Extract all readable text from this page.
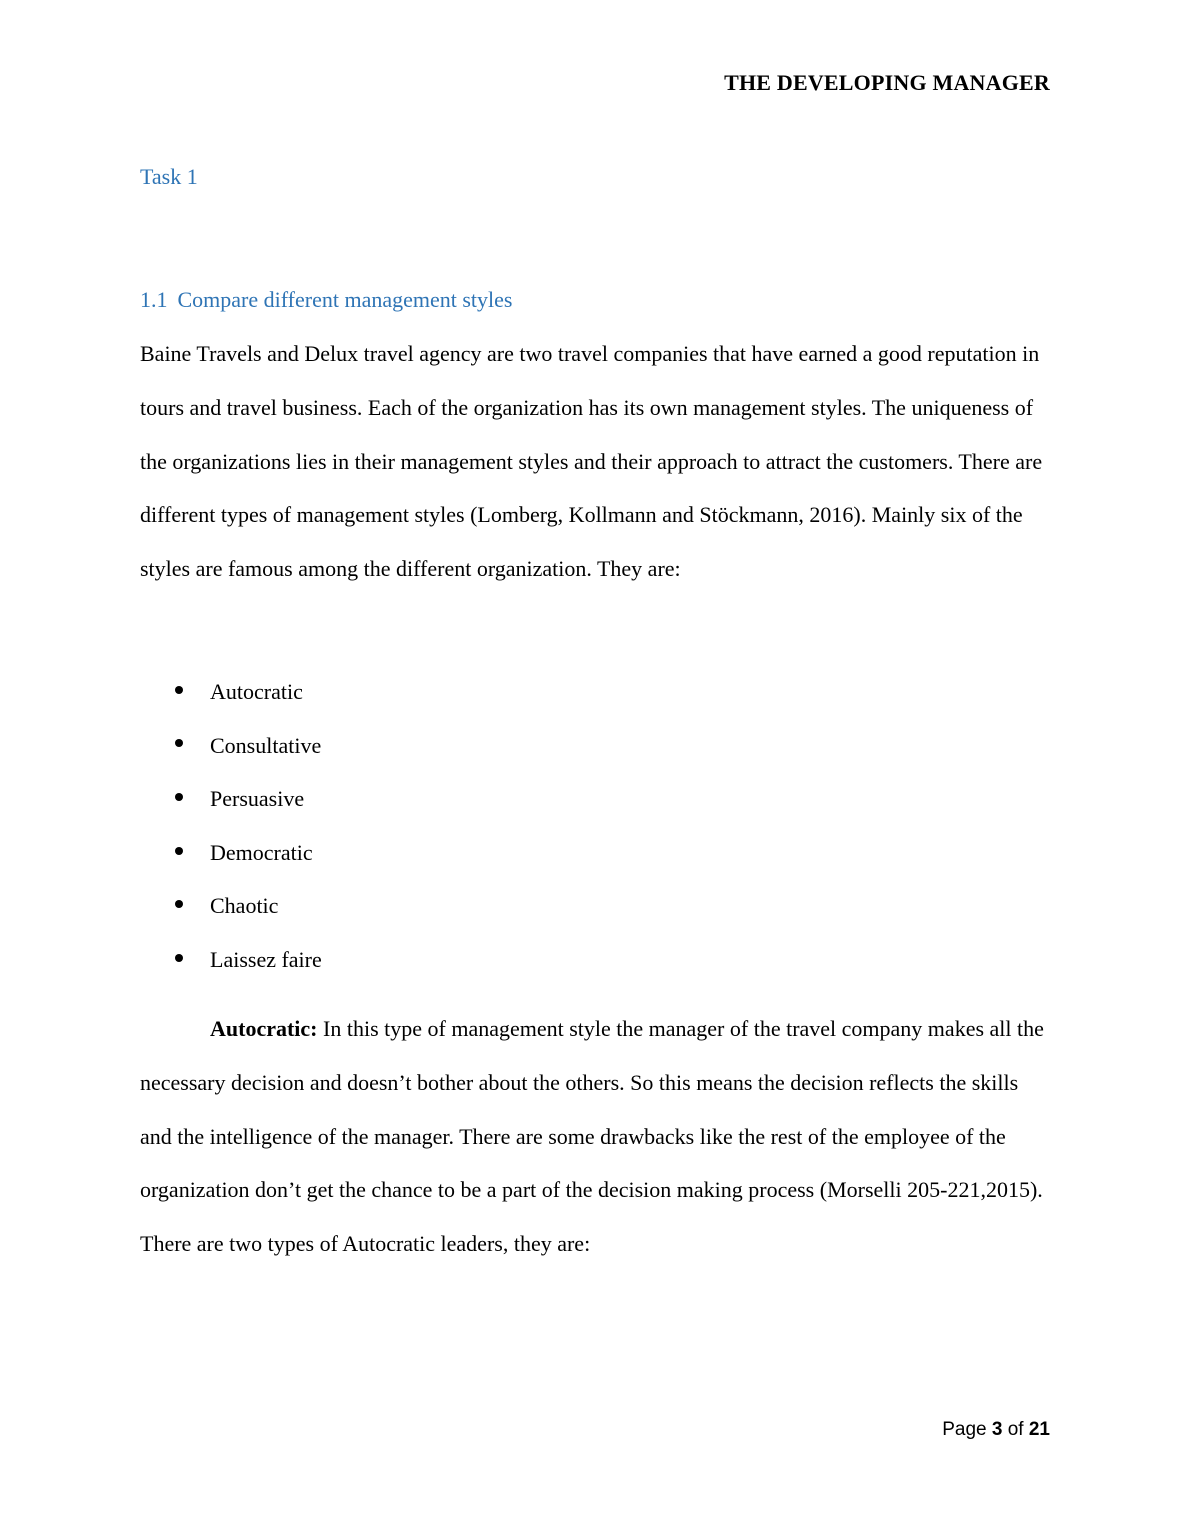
THE DEVELOPING MANAGER
Task 1
1.1 Compare different management styles
Baine Travels and Delux travel agency are two travel companies that have earned a good reputation in tours and travel business. Each of the organization has its own management styles. The uniqueness of the organizations lies in their management styles and their approach to attract the customers. There are different types of management styles (Lomberg, Kollmann and Stöckmann, 2016). Mainly six of the styles are famous among the different organization. They are:
Autocratic
Consultative
Persuasive
Democratic
Chaotic
Laissez faire
Autocratic: In this type of management style the manager of the travel company makes all the necessary decision and doesn’t bother about the others. So this means the decision reflects the skills and the intelligence of the manager. There are some drawbacks like the rest of the employee of the organization don’t get the chance to be a part of the decision making process (Morselli 205-221,2015). There are two types of Autocratic leaders, they are:
Page 3 of 21
